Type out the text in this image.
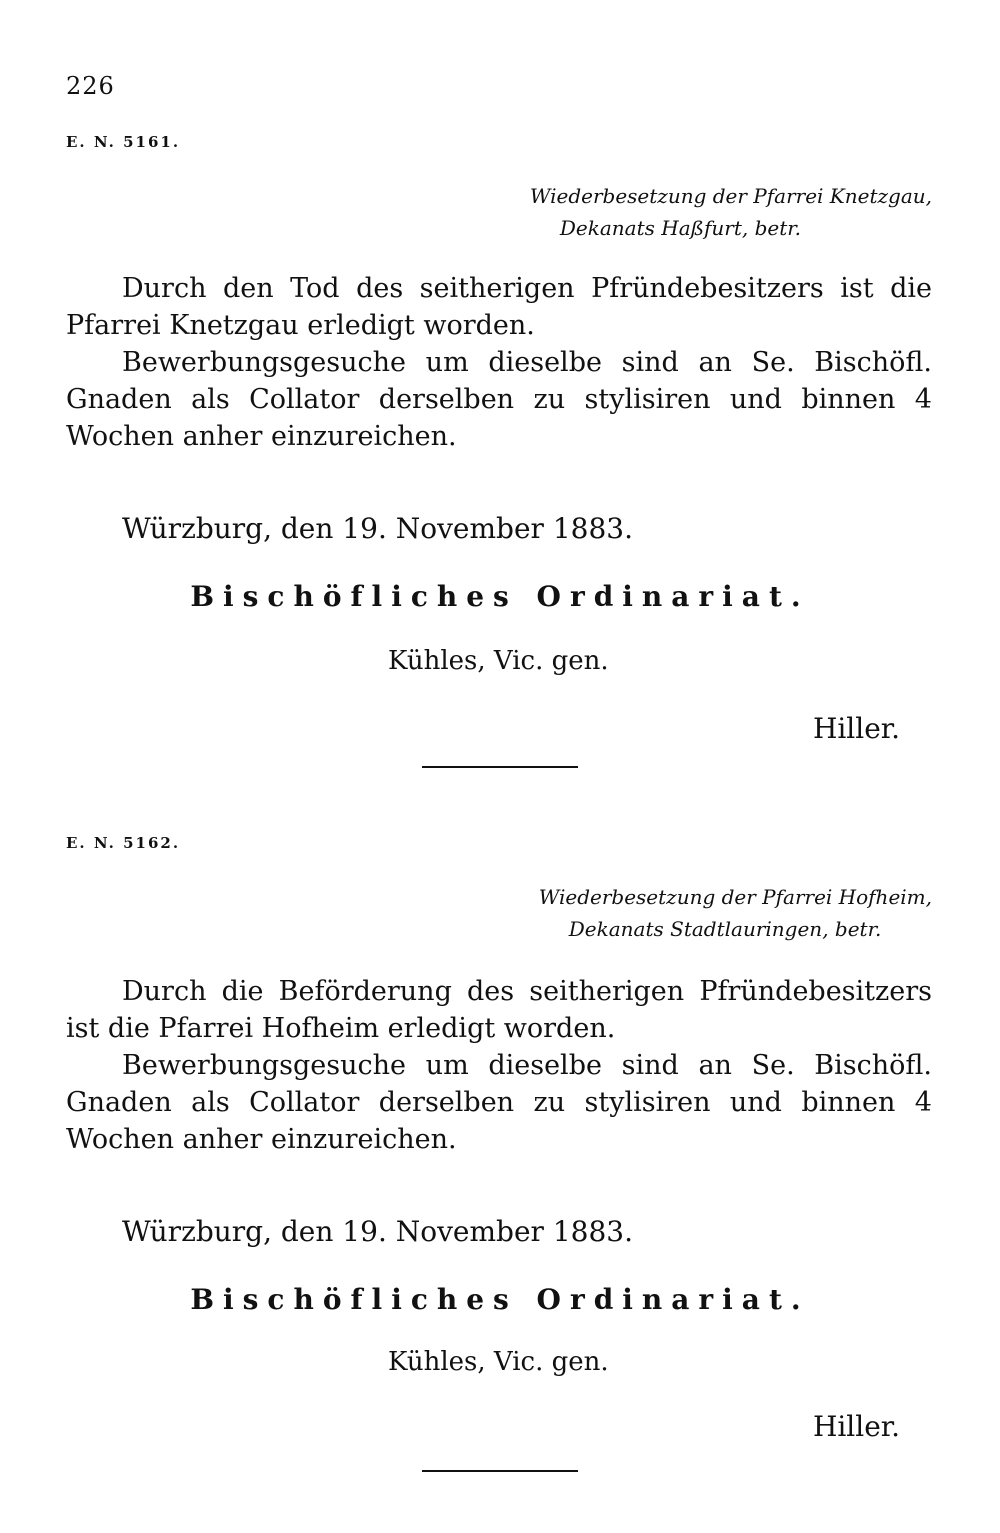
226
E. N. 5161.
Wiederbesetzung der Pfarrei Knetzgau,
Dekanats Haßfurt, betr.

Durch den Tod des seitherigen Pfründebesitzers ist die Pfarrei Knetzgau erledigt worden.

Bewerbungsgesuche um dieselbe sind an Se. Bischöfl. Gnaden als Collator derselben zu stylisiren und binnen 4 Wochen anher einzureichen.

Würzburg, den 19. November 1883.
Bischöfliches Ordinariat.
Kühles, Vic. gen.
Hiller.
E. N. 5162.
Wiederbesetzung der Pfarrei Hofheim,
Dekanats Stadtlauringen, betr.

Durch die Beförderung des seitherigen Pfründebesitzers ist die Pfarrei Hofheim erledigt worden.

Bewerbungsgesuche um dieselbe sind an Se. Bischöfl. Gnaden als Collator derselben zu stylisiren und binnen 4 Wochen anher einzureichen.

Würzburg, den 19. November 1883.
Bischöfliches Ordinariat.
Kühles, Vic. gen.
Hiller.
